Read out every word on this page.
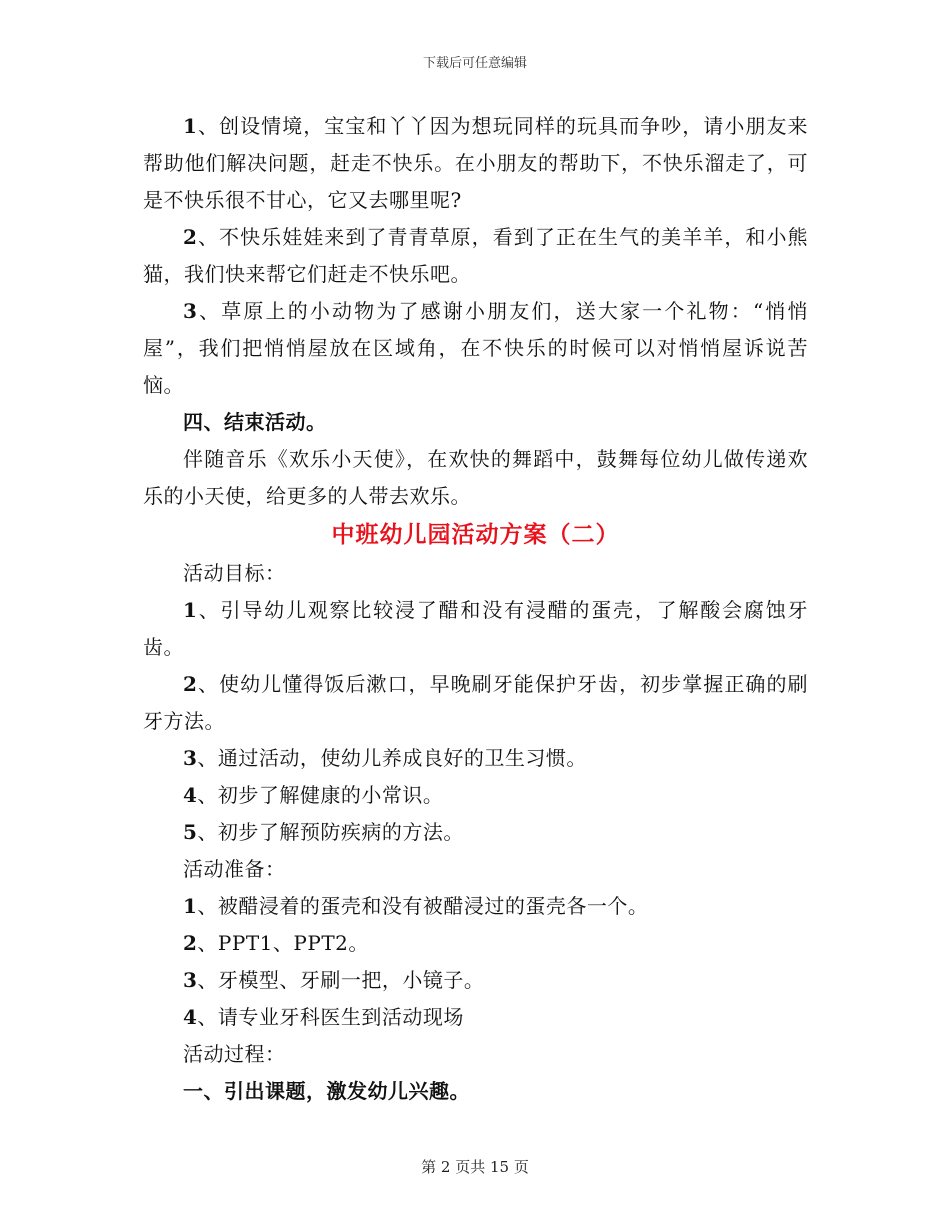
下载后可任意编辑

1、创设情境，宝宝和丫丫因为想玩同样的玩具而争吵，请小朋友来帮助他们解决问题，赶走不快乐。在小朋友的帮助下，不快乐溜走了，可是不快乐很不甘心，它又去哪里呢?

2、不快乐娃娃来到了青青草原，看到了正在生气的美羊羊，和小熊猫，我们快来帮它们赶走不快乐吧。

3、草原上的小动物为了感谢小朋友们，送大家一个礼物：“悄悄屋”，我们把悄悄屋放在区域角，在不快乐的时候可以对悄悄屋诉说苦恼。

四、结束活动。

伴随音乐《欢乐小天使》，在欢快的舞蹈中，鼓舞每位幼儿做传递欢乐的小天使，给更多的人带去欢乐。

中班幼儿园活动方案（二）

活动目标：

1、引导幼儿观察比较浸了醋和没有浸醋的蛋壳，了解酸会腐蚀牙齿。

2、使幼儿懂得饭后漱口，早晚刷牙能保护牙齿，初步掌握正确的刷牙方法。

3、通过活动，使幼儿养成良好的卫生习惯。

4、初步了解健康的小常识。

5、初步了解预防疾病的方法。

活动准备：

1、被醋浸着的蛋壳和没有被醋浸过的蛋壳各一个。

2、PPT1、PPT2。

3、牙模型、牙刷一把，小镜子。

4、请专业牙科医生到活动现场

活动过程：

一、引出课题，激发幼儿兴趣。

第 2 页共 15 页
